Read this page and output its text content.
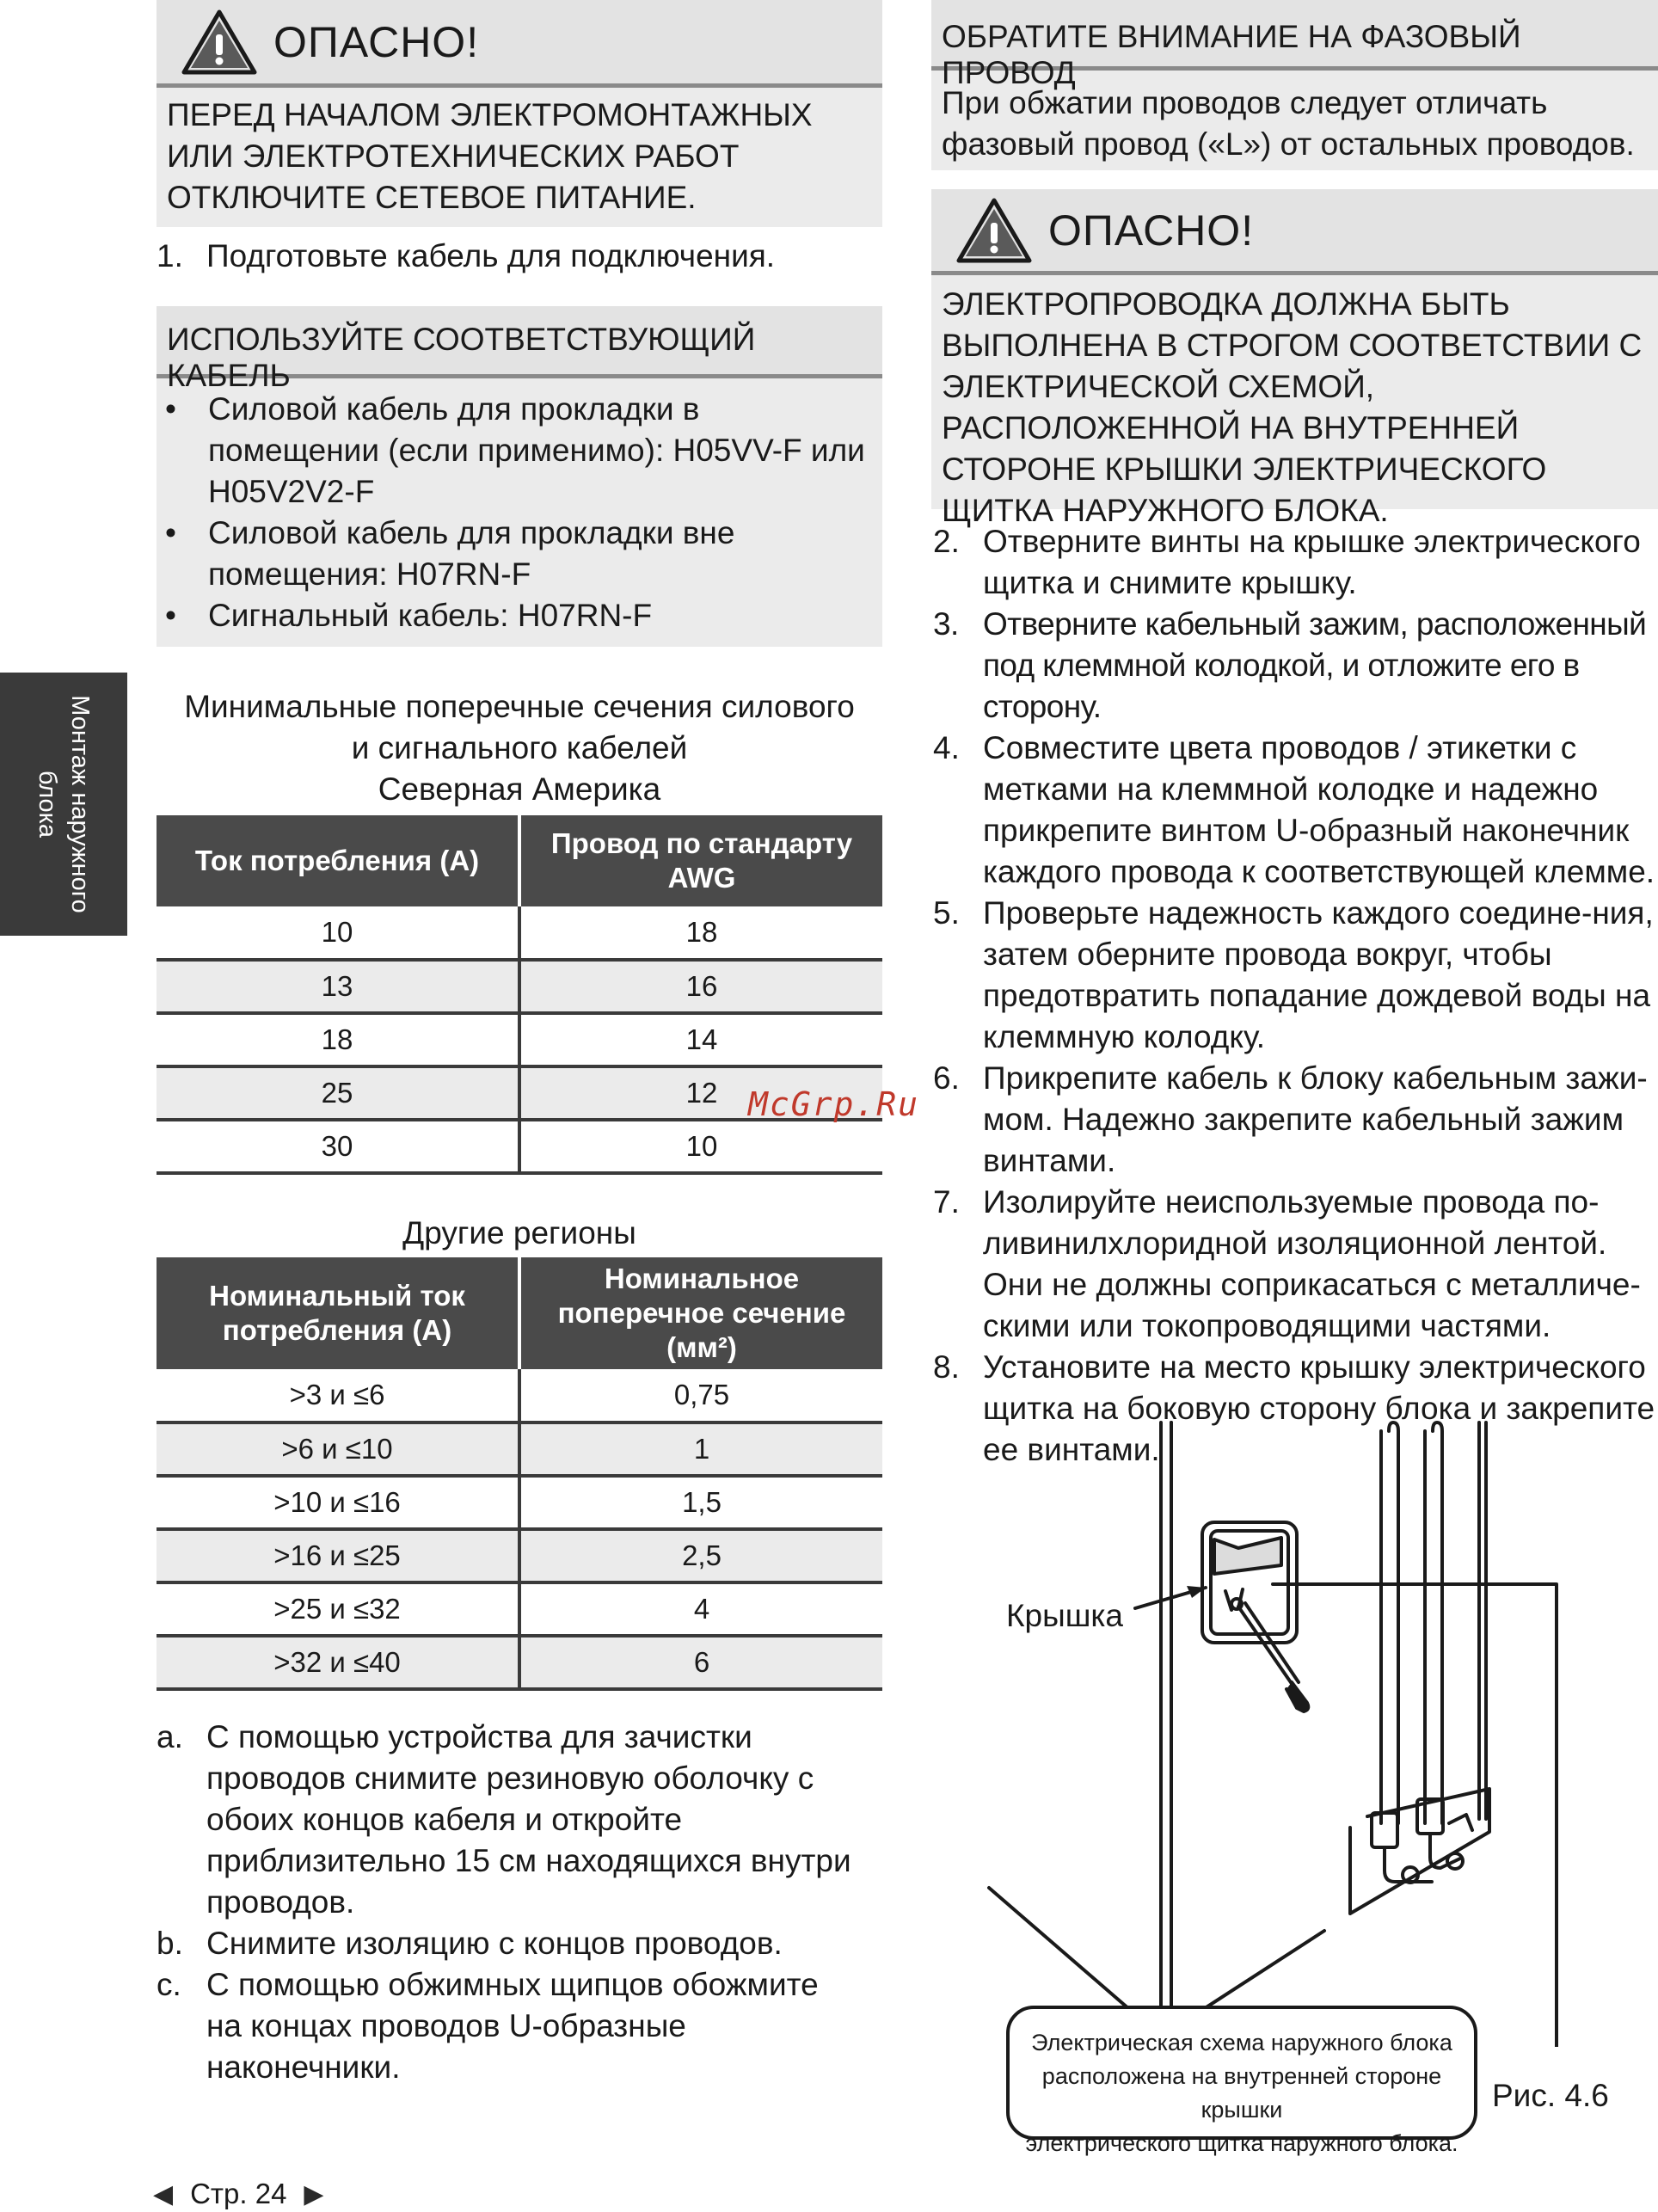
Монтаж наружного блока
ОПАСНО!
ПЕРЕД НАЧАЛОМ ЭЛЕКТРОМОНТАЖНЫХ ИЛИ ЭЛЕКТРОТЕХНИЧЕСКИХ РАБОТ ОТКЛЮЧИТЕ СЕТЕВОЕ ПИТАНИЕ.
1. Подготовьте кабель для подключения.
ИСПОЛЬЗУЙТЕ СООТВЕТСТВУЮЩИЙ КАБЕЛЬ
•	Силовой кабель для прокладки в помещении (если применимо): H05VV-F или H05V2V2-F
•	Силовой кабель для прокладки вне помещения: H07RN-F
•	Сигнальный кабель: H07RN-F
Минимальные поперечные сечения силового
и сигнального кабелей
Северная Америка
Ток потребления (А)	Провод по стандарту AWG
10	18
13	16
18	14
25	12
30	10
Другие регионы
Номинальный ток потребления (А)	Номинальное поперечное сечение (мм²)
>3 и ≤6	0,75
>6 и ≤10	1
>10 и ≤16	1,5
>16 и ≤25	2,5
>25 и ≤32	4
>32 и ≤40	6
a. С помощью устройства для зачистки проводов снимите резиновую оболочку с обоих концов кабеля и откройте приблизительно 15 см находящихся внутри проводов.
b. Снимите изоляцию с концов проводов.
c. С помощью обжимных щипцов обожмите на концах проводов U-образные наконечники.
ОБРАТИТЕ ВНИМАНИЕ НА ФАЗОВЫЙ ПРОВОД
При обжатии проводов следует отличать фазовый провод («L») от остальных проводов.
ОПАСНО!
ЭЛЕКТРОПРОВОДКА ДОЛЖНА БЫТЬ ВЫПОЛНЕНА В СТРОГОМ СООТВЕТСТВИИ С ЭЛЕКТРИЧЕСКОЙ СХЕМОЙ, РАСПОЛОЖЕННОЙ НА ВНУТРЕННЕЙ СТОРОНЕ КРЫШКИ ЭЛЕКТРИЧЕСКОГО ЩИТКА НАРУЖНОГО БЛОКА.
2. Отверните винты на крышке электрического щитка и снимите крышку.
3. Отверните кабельный зажим, расположенный под клеммной колодкой, и отложите его в сторону.
4. Совместите цвета проводов / этикетки с метками на клеммной колодке и надежно прикрепите винтом U-образный наконечник каждого провода к соответствующей клемме.
5. Проверьте надежность каждого соедине-ния, затем оберните провода вокруг, чтобы предотвратить попадание дождевой воды на клеммную колодку.
6. Прикрепите кабель к блоку кабельным зажи-мом. Надежно закрепите кабельный зажим винтами.
7. Изолируйте неиспользуемые провода по-ливинилхлоридной изоляционной лентой. Они не должны соприкасаться с металличе-скими или токопроводящими частями.
8. Установите на место крышку электрического щитка на боковую сторону блока и закрепите ее винтами.
McGrp.Ru
Крышка
Электрическая схема наружного блока
расположена на внутренней стороне крышки
электрического щитка наружного блока.
Рис. 4.6
◀ Стр. 24 ▶
